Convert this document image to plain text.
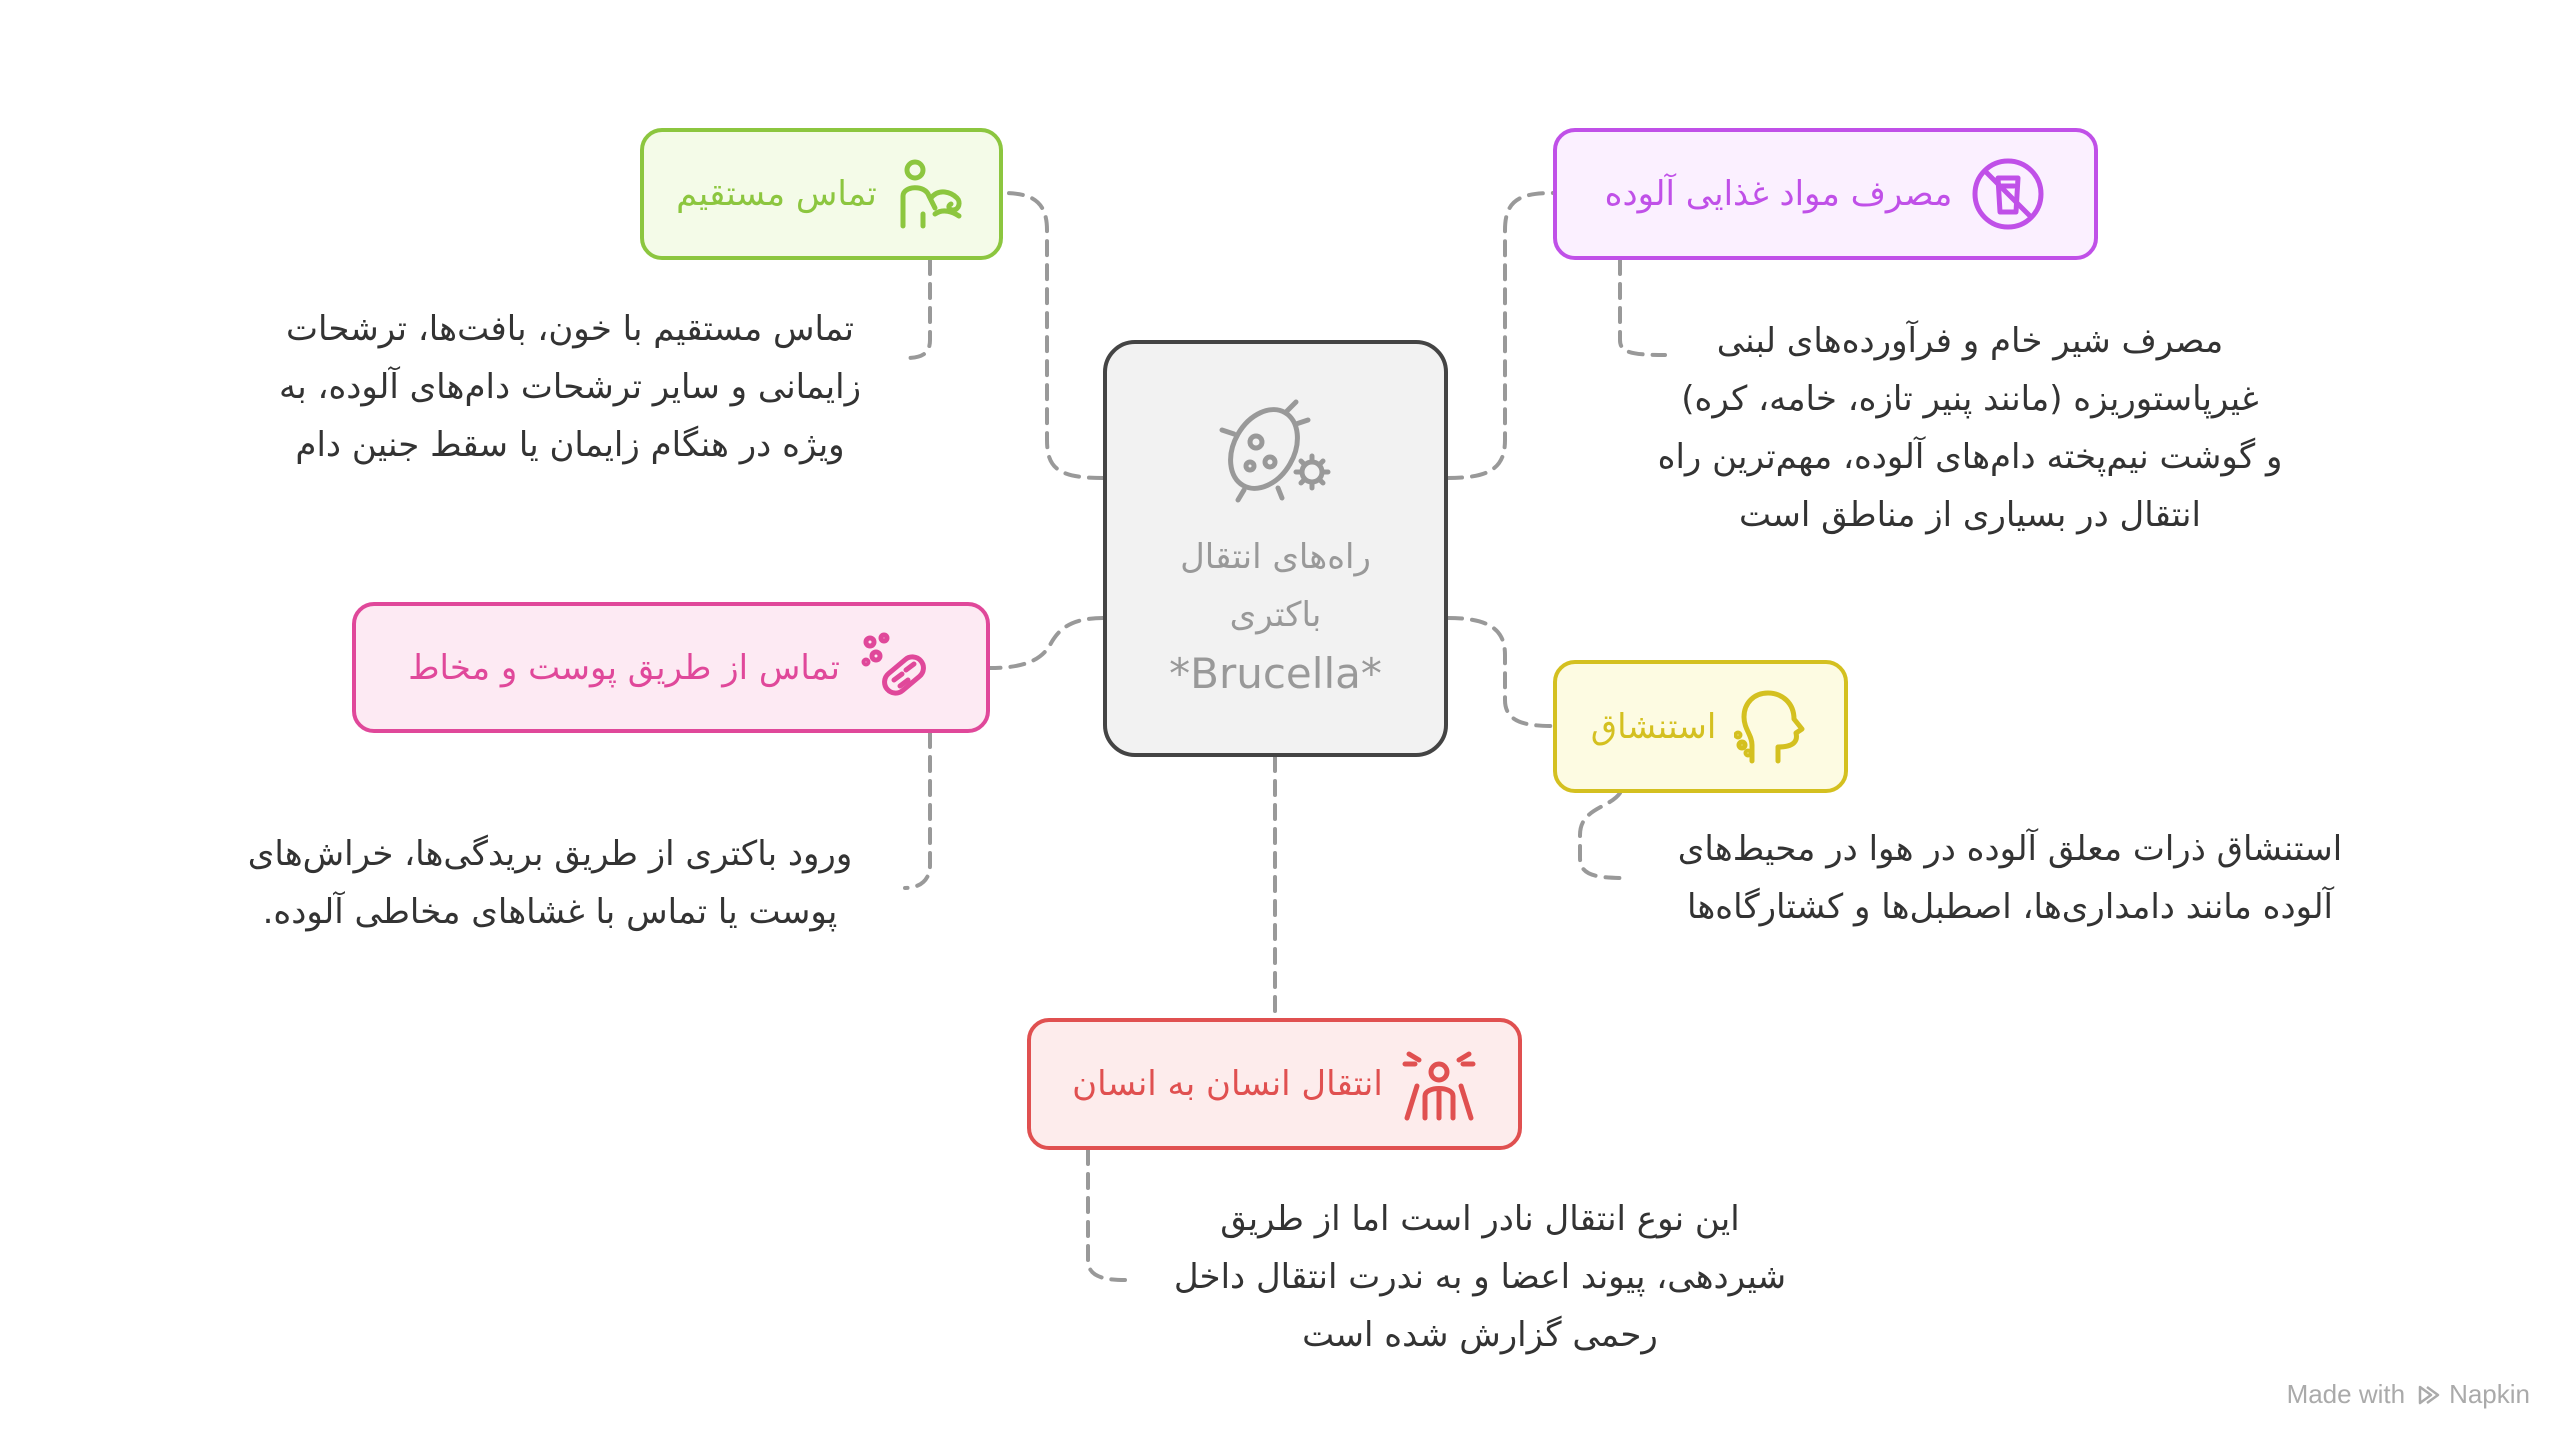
راه‌های انتقال
باکتری
*Brucella*
تماس مستقیم
تماس مستقیم با خون، بافت‌ها، ترشحات
زایمانی و سایر ترشحات دام‌های آلوده، به
ویژه در هنگام زایمان یا سقط جنین دام
مصرف مواد غذایی آلوده
مصرف شیر خام و فرآورده‌های لبنی
غیرپاستوریزه (مانند پنیر تازه، خامه، کره)
و گوشت نیم‌پخته دام‌های آلوده، مهم‌ترین راه
انتقال در بسیاری از مناطق است
تماس از طریق پوست و مخاط
ورود باکتری از طریق بریدگی‌ها، خراش‌های
پوست یا تماس با غشاهای مخاطی آلوده.
استنشاق
استنشاق ذرات معلق آلوده در هوا در محیط‌های
آلوده مانند دامداری‌ها، اصطبل‌ها و کشتارگاه‌ها
انتقال انسان به انسان
این نوع انتقال نادر است اما از طریق
شیردهی، پیوند اعضا و به ندرت انتقال داخل
رحمی گزارش شده است
Made with Napkin
